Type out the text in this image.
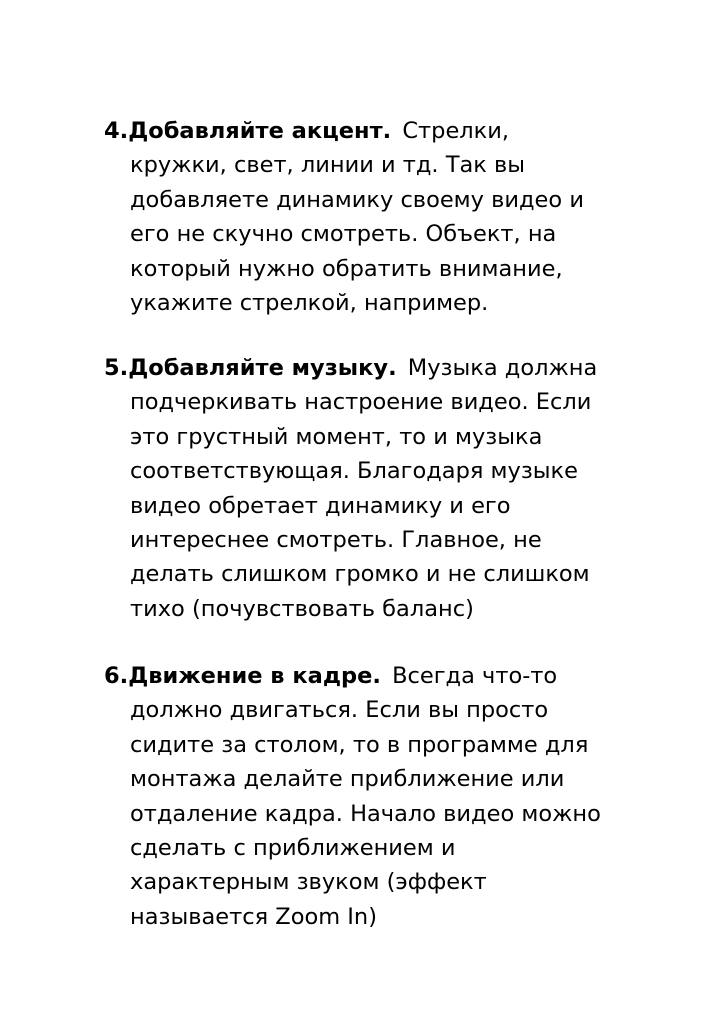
4.Добавляйте акцент. Стрелки,
кружки, свет, линии и тд. Так вы
добавляете динамику своему видео и
его не скучно смотреть. Объект, на
который нужно обратить внимание,
укажите стрелкой, например.
5.Добавляйте музыку. Музыка должна
подчеркивать настроение видео. Если
это грустный момент, то и музыка
соответствующая. Благодаря музыке
видео обретает динамику и его
интереснее смотреть. Главное, не
делать слишком громко и не слишком
тихо (почувствовать баланс)
6.Движение в кадре. Всегда что-то
должно двигаться. Если вы просто
сидите за столом, то в программе для
монтажа делайте приближение или
отдаление кадра. Начало видео можно
сделать с приближением и
характерным звуком (эффект
называется Zoom In)
